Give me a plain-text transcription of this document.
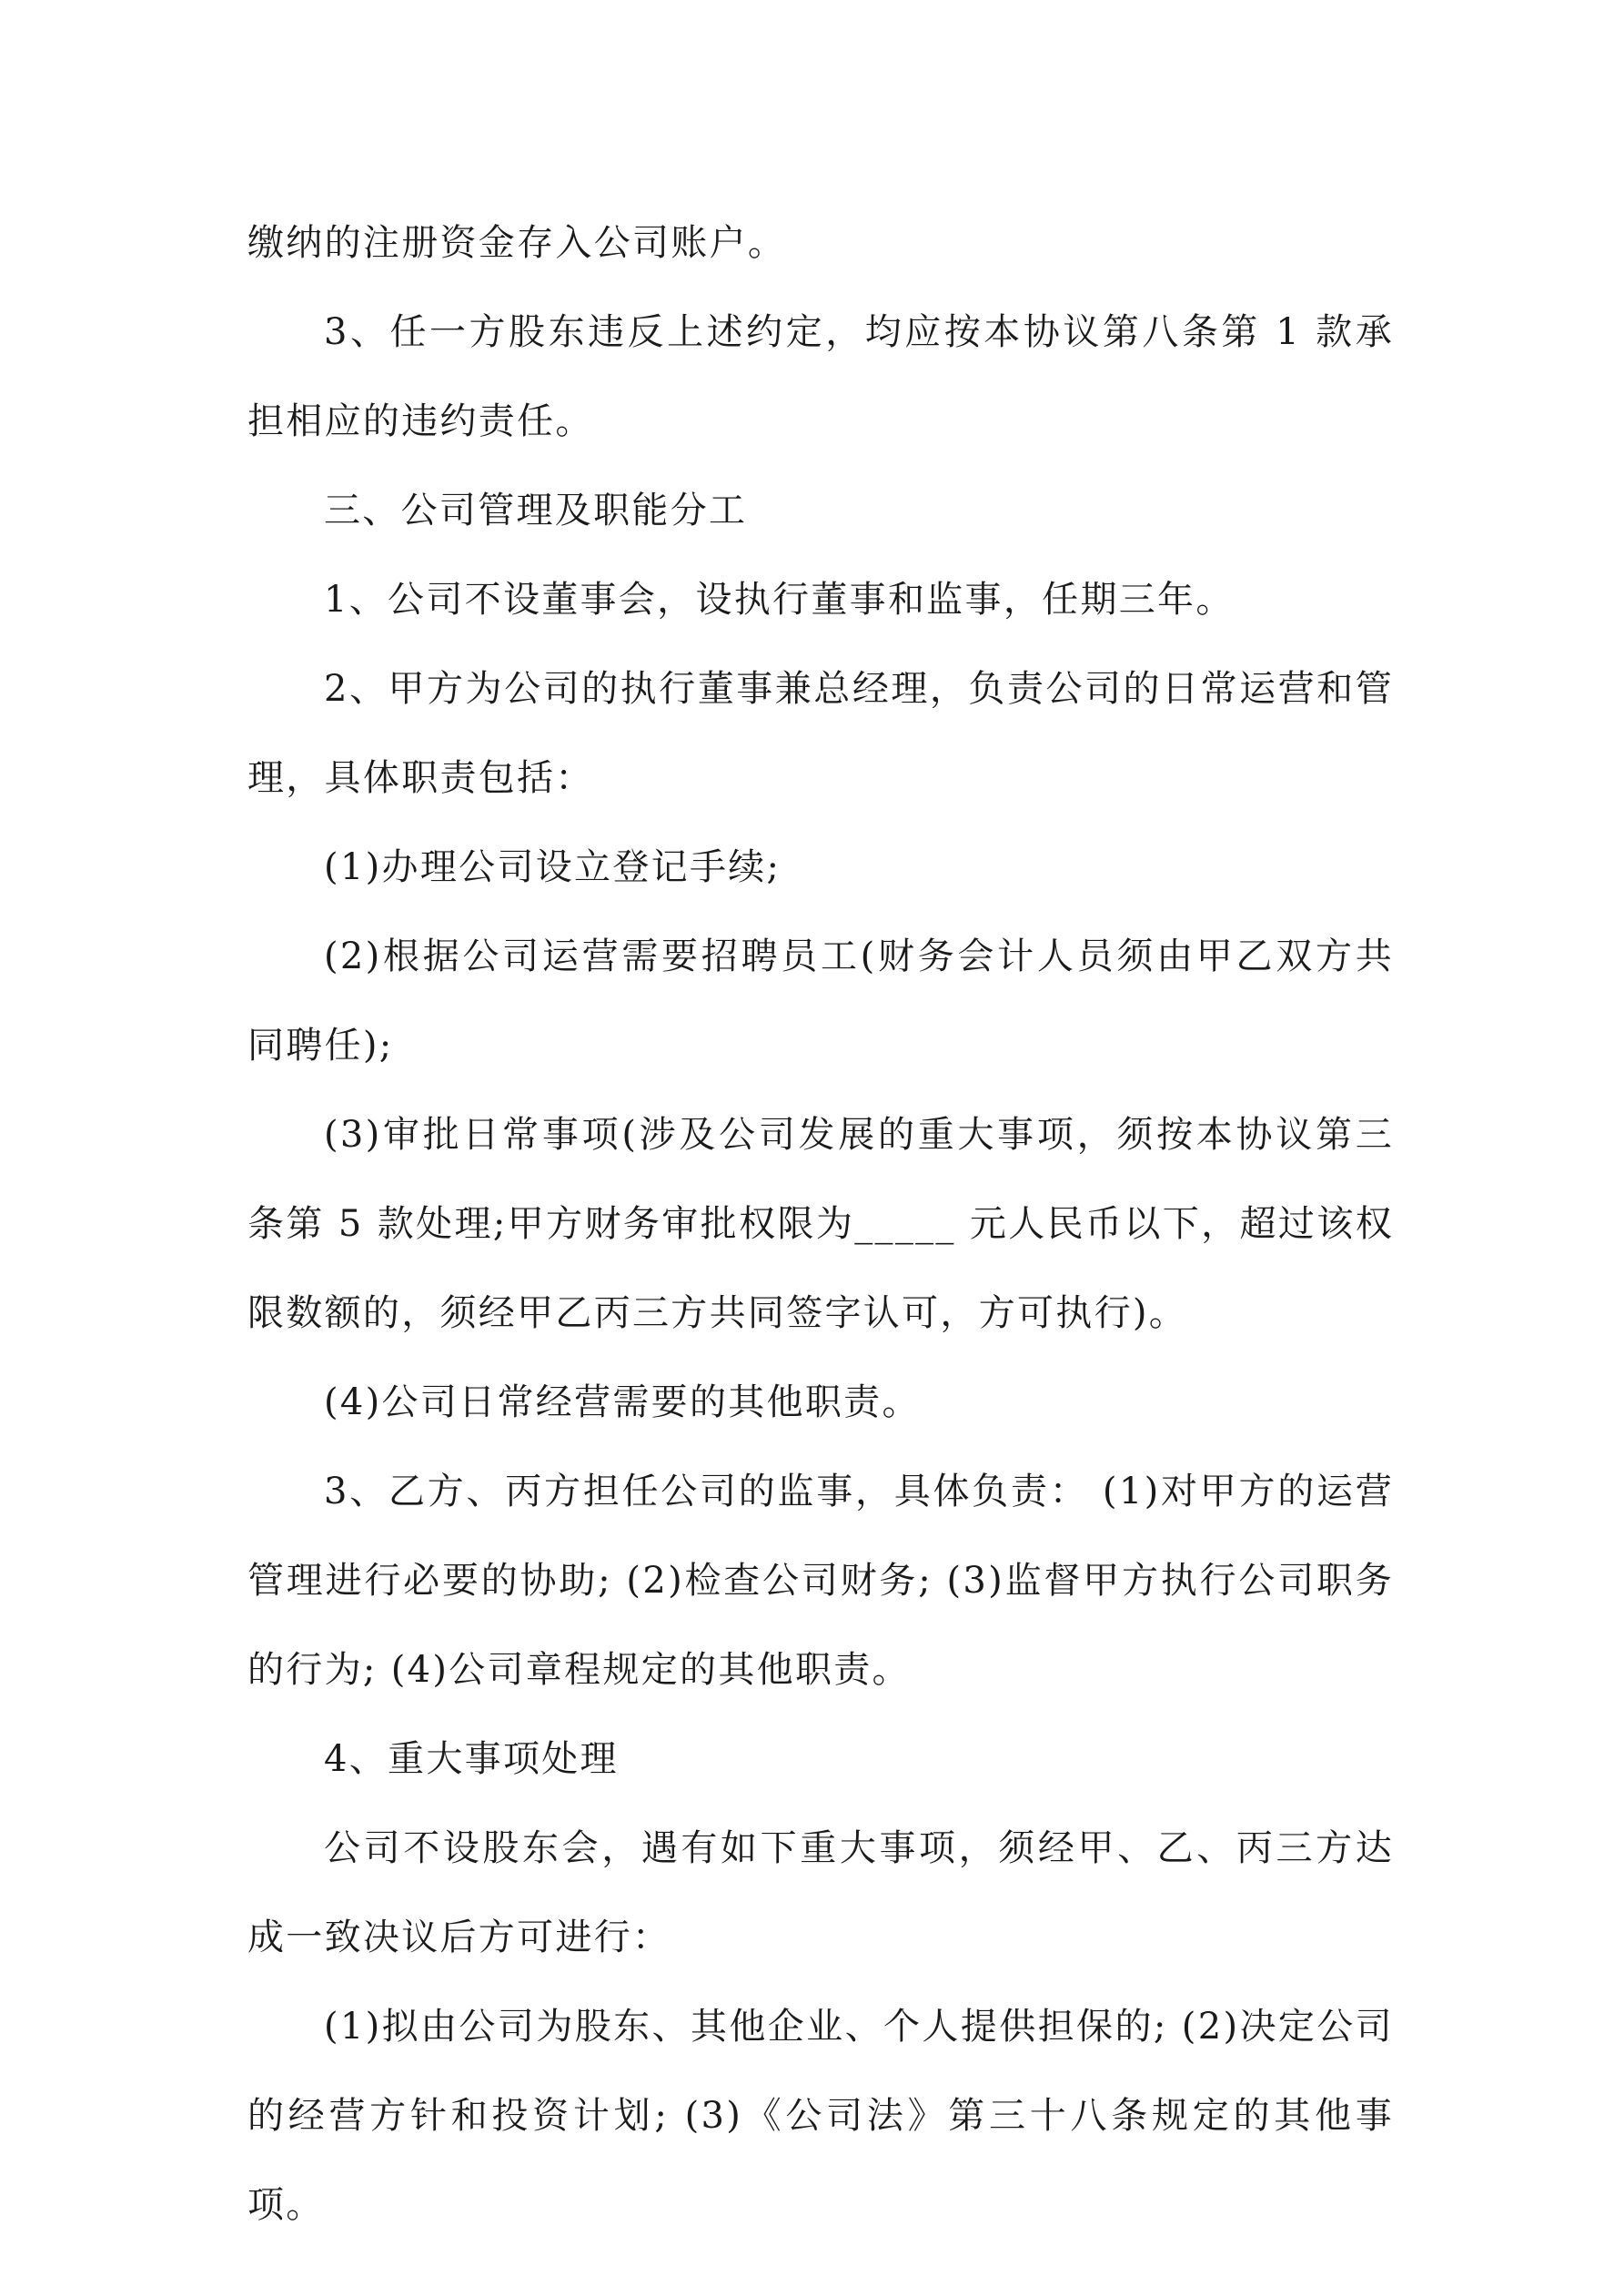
缴纳的注册资金存入公司账户。

3、任一方股东违反上述约定，均应按本协议第八条第 1 款承担相应的违约责任。

三、公司管理及职能分工

1、公司不设董事会，设执行董事和监事，任期三年。

2、甲方为公司的执行董事兼总经理，负责公司的日常运营和管理，具体职责包括：

(1)办理公司设立登记手续;

(2)根据公司运营需要招聘员工(财务会计人员须由甲乙双方共同聘任);

(3)审批日常事项(涉及公司发展的重大事项，须按本协议第三条第 5 款处理;甲方财务审批权限为_____ 元人民币以下，超过该权限数额的，须经甲乙丙三方共同签字认可，方可执行)。

(4)公司日常经营需要的其他职责。

3、乙方、丙方担任公司的监事，具体负责： (1)对甲方的运营管理进行必要的协助; (2)检查公司财务; (3)监督甲方执行公司职务的行为; (4)公司章程规定的其他职责。

4、重大事项处理

公司不设股东会，遇有如下重大事项，须经甲、乙、丙三方达成一致决议后方可进行：

(1)拟由公司为股东、其他企业、个人提供担保的; (2)决定公司的经营方针和投资计划; (3)《公司法》第三十八条规定的其他事项。
